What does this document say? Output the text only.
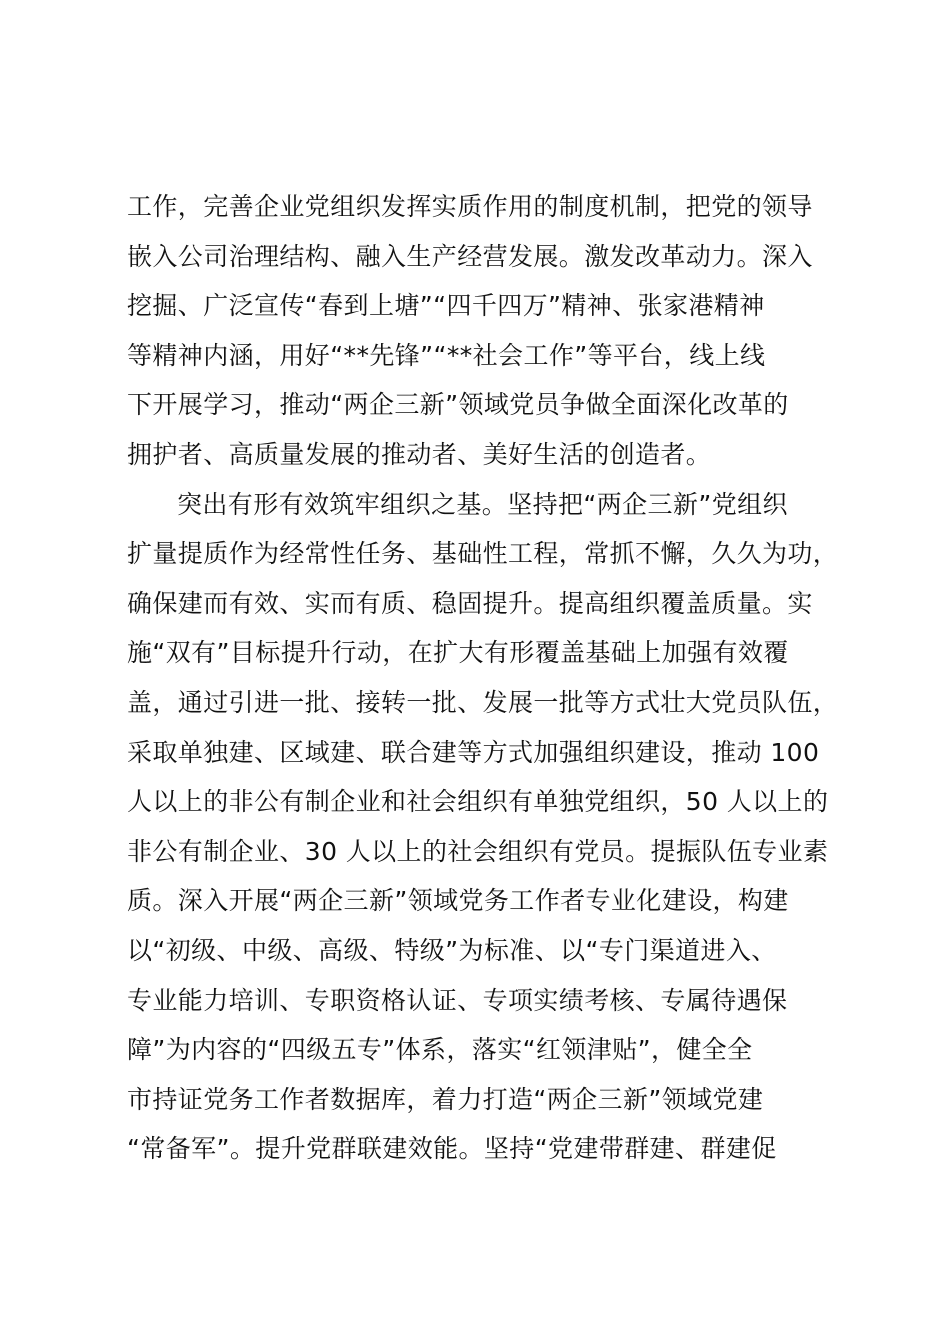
工作，完善企业党组织发挥实质作用的制度机制，把党的领导
嵌入公司治理结构、融入生产经营发展。激发改革动力。深入
挖掘、广泛宣传“春到上塘”“四千四万”精神、张家港精神
等精神内涵，用好“**先锋”“**社会工作”等平台，线上线
下开展学习，推动“两企三新”领域党员争做全面深化改革的
拥护者、高质量发展的推动者、美好生活的创造者。
突出有形有效筑牢组织之基。坚持把“两企三新”党组织
扩量提质作为经常性任务、基础性工程，常抓不懈，久久为功，
确保建而有效、实而有质、稳固提升。提高组织覆盖质量。实
施“双有”目标提升行动，在扩大有形覆盖基础上加强有效覆
盖，通过引进一批、接转一批、发展一批等方式壮大党员队伍，
采取单独建、区域建、联合建等方式加强组织建设，推动 100
人以上的非公有制企业和社会组织有单独党组织，50 人以上的
非公有制企业、30 人以上的社会组织有党员。提振队伍专业素
质。深入开展“两企三新”领域党务工作者专业化建设，构建
以“初级、中级、高级、特级”为标准、以“专门渠道进入、
专业能力培训、专职资格认证、专项实绩考核、专属待遇保
障”为内容的“四级五专”体系，落实“红领津贴”，健全全
市持证党务工作者数据库，着力打造“两企三新”领域党建
“常备军”。提升党群联建效能。坚持“党建带群建、群建促
